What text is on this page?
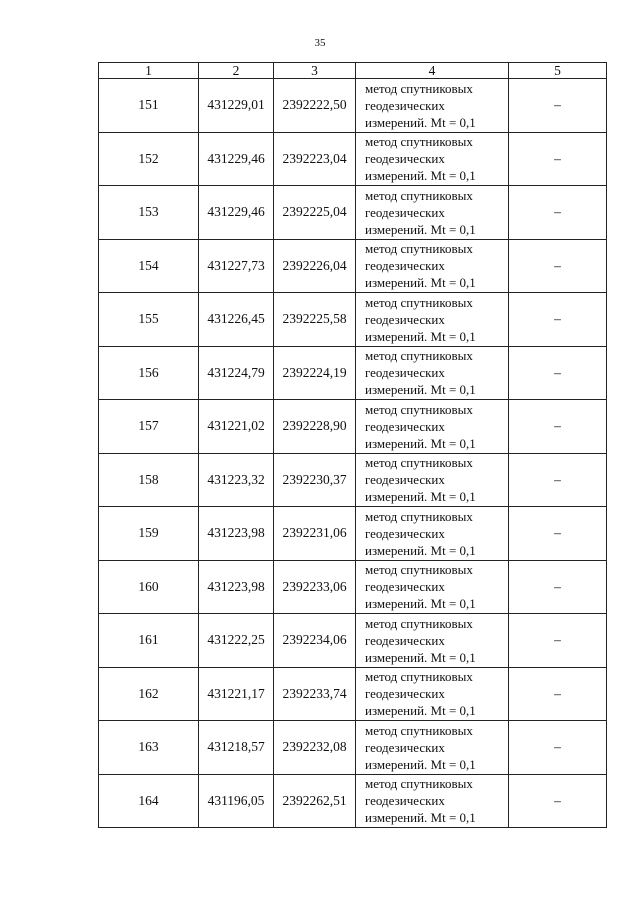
35
1	2	3	4	5
151	431229,01	2392222,50	метод спутниковых
геодезических
измерений. Mt = 0,1	–
152	431229,46	2392223,04	метод спутниковых
геодезических
измерений. Mt = 0,1	–
153	431229,46	2392225,04	метод спутниковых
геодезических
измерений. Mt = 0,1	–
154	431227,73	2392226,04	метод спутниковых
геодезических
измерений. Mt = 0,1	–
155	431226,45	2392225,58	метод спутниковых
геодезических
измерений. Mt = 0,1	–
156	431224,79	2392224,19	метод спутниковых
геодезических
измерений. Mt = 0,1	–
157	431221,02	2392228,90	метод спутниковых
геодезических
измерений. Mt = 0,1	–
158	431223,32	2392230,37	метод спутниковых
геодезических
измерений. Mt = 0,1	–
159	431223,98	2392231,06	метод спутниковых
геодезических
измерений. Mt = 0,1	–
160	431223,98	2392233,06	метод спутниковых
геодезических
измерений. Mt = 0,1	–
161	431222,25	2392234,06	метод спутниковых
геодезических
измерений. Mt = 0,1	–
162	431221,17	2392233,74	метод спутниковых
геодезических
измерений. Mt = 0,1	–
163	431218,57	2392232,08	метод спутниковых
геодезических
измерений. Mt = 0,1	–
164	431196,05	2392262,51	метод спутниковых
геодезических
измерений. Mt = 0,1	–
